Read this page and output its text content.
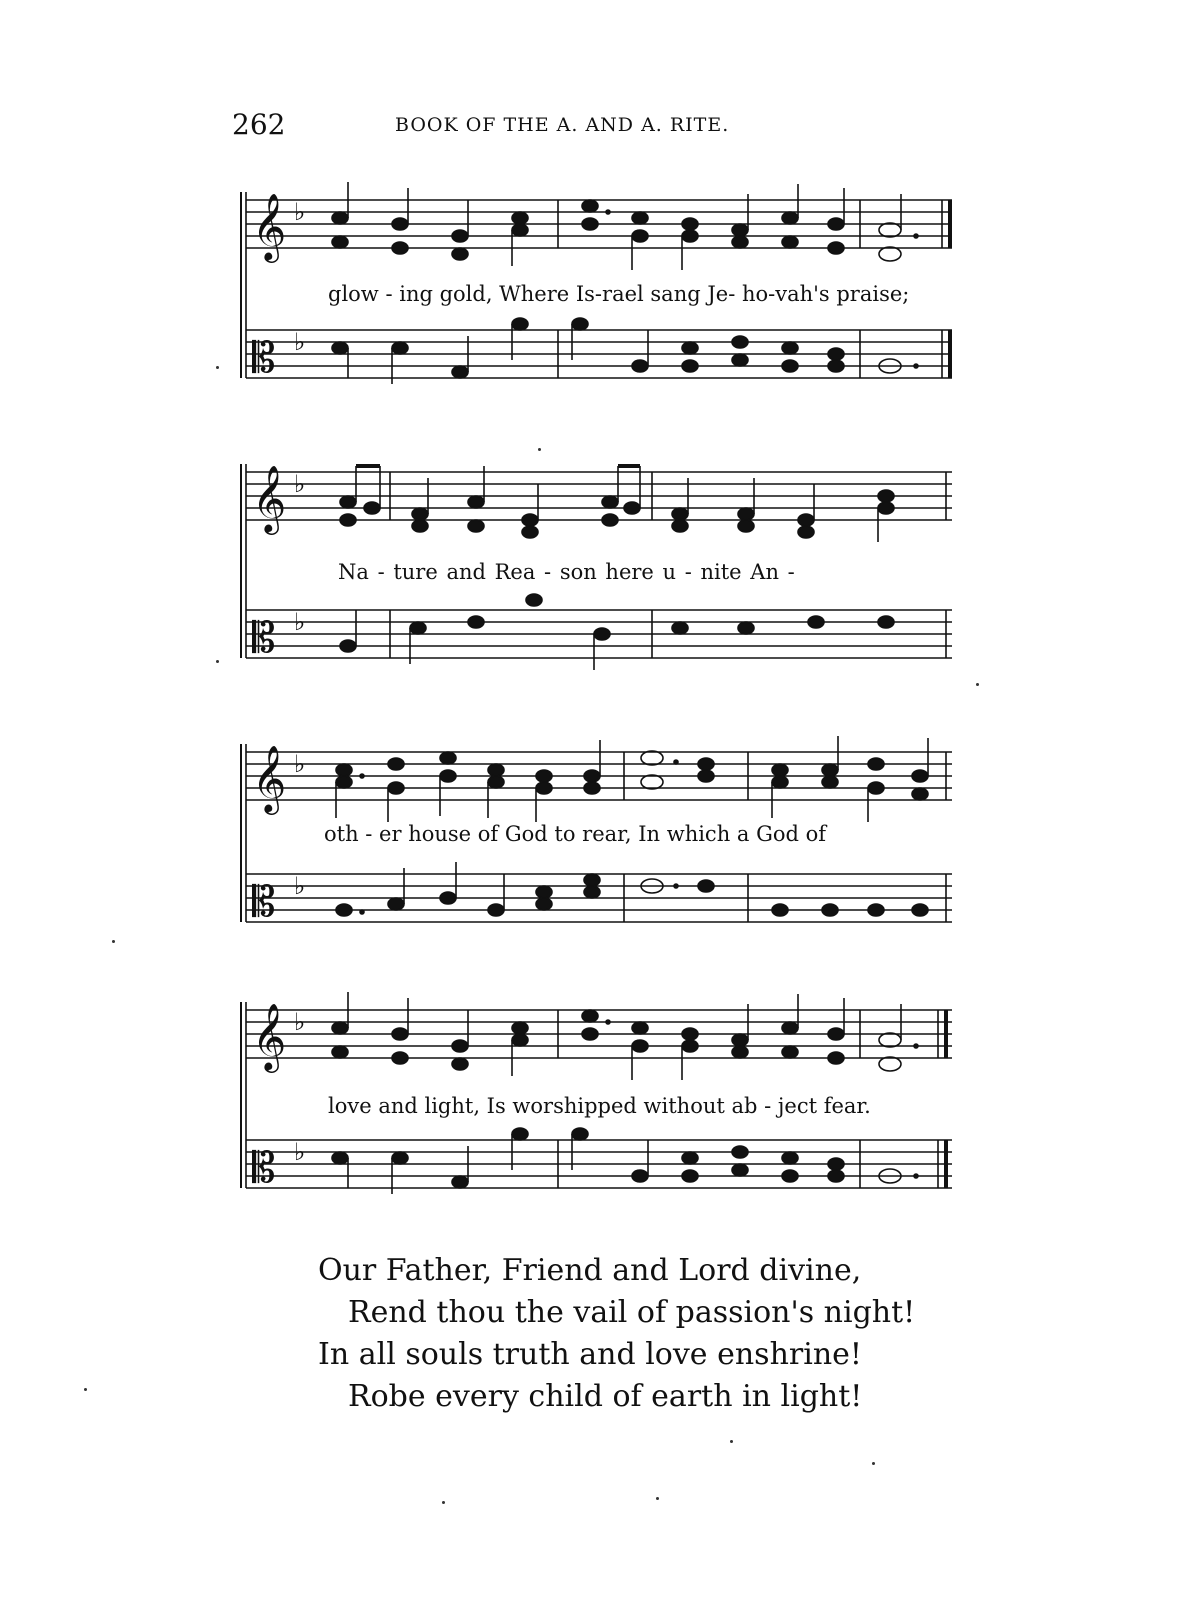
262	BOOK OF THE A. AND A. RITE.
𝄞 ♭
𝄡 ♭
glow - ing gold, Where Is-rael sang Je- ho-vah's praise;
𝄞 ♭
𝄡 ♭
Na - ture and Rea - son here u - nite An -
𝄞 ♭
𝄡 ♭
oth - er house of God to rear, In which a God of
𝄞 ♭
𝄡 ♭
love and light, Is worshipped without ab - ject fear.
Our Father, Friend and Lord divine,
Rend thou the vail of passion's night!
In all souls truth and love enshrine!
Robe every child of earth in light!
